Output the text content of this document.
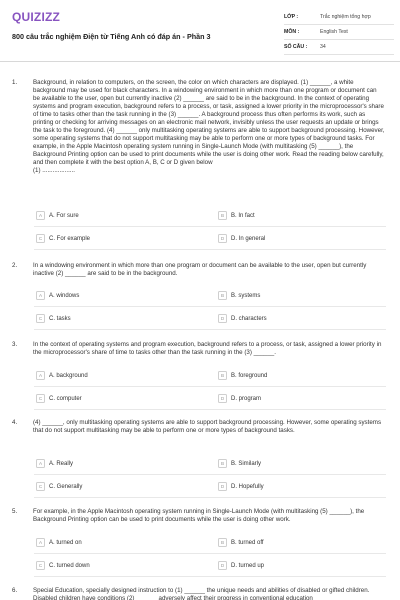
QUIZIZZ
800 câu trắc nghiệm Điện từ Tiếng Anh có đáp án - Phần 3
LỚP :	Trắc nghiệm tổng hợp
MÔN :	English Test
SỐ CÂU :	34
1.	Background, in relation to computers, on the screen, the color on which characters are displayed. (1) ______, a white background may be used for black characters. In a windowing environment in which more than one program or document can be available to the user, open but currently inactive (2) ______ are said to be in the background. In the context of operating systems and program execution, background refers to a process, or task, assigned a lower priority in the microprocessor's share of time to tasks other than the task running in the (3) ______. A background process thus often performs its work, such as printing or checking for arriving messages on an electronic mail network, invisibly unless the user requests an update or brings the task to the foreground. (4) ______ only multitasking operating systems are able to support background processing. However, some operating systems that do not support multitasking may be able to perform one or more types of background tasks. For example, in the Apple Macintosh operating system running in Single-Launch Mode (with multitasking (5) ______), the Background Printing option can be used to print documents while the user is doing other work. Read the reading below carefully, and then complete it with the best option A, B, C or D given below
(1) ...................
A	A. For sure	B	B. In fact
C	C. For example	D	D. In general
2.	In a windowing environment in which more than one program or document can be available to the user, open but currently inactive (2) ______ are said to be in the background.
A	A. windows	B	B. systems
C	C. tasks	D	D. characters
3.	In the context of operating systems and program execution, background refers to a process, or task, assigned a lower priority in the microprocessor's share of time to tasks other than the task running in the (3) ______.
A	A. background	B	B. foreground
C	C. computer	D	D. program
4.	(4) ______, only multitasking operating systems are able to support background processing. However, some operating systems that do not support multitasking may be able to perform one or more types of background tasks.
A	A. Really	B	B. Similarly
C	C. Generally	D	D. Hopefully
5.	For example, in the Apple Macintosh operating system running in Single-Launch Mode (with multitasking (5) ______), the Background Printing option can be used to print documents while the user is doing other work.
A	A. turned on	B	B. turned off
C	C. turned down	D	D. turned up
6.	Special Education, specially designed instruction to (1) ______ the unique needs and abilities of disabled or gifted children. Disabled children have conditions (2) ______ adversely affect their progress in conventional education
